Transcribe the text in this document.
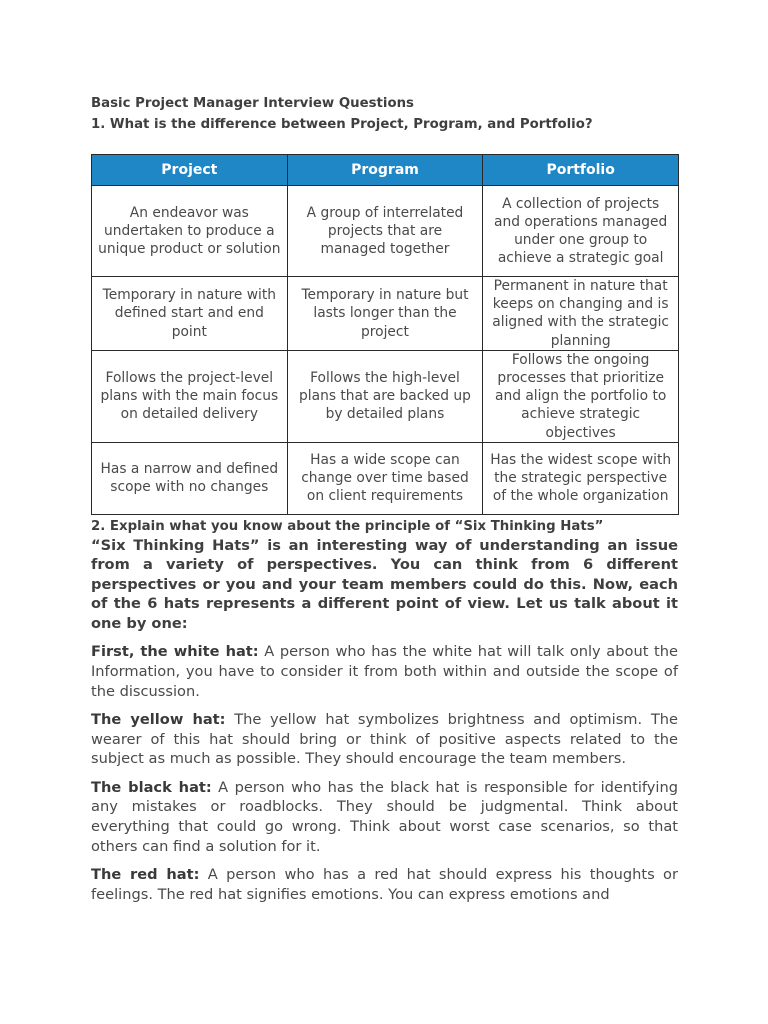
Basic Project Manager Interview Questions

1. What is the difference between Project, Program, and Portfolio?

Project	Program	Portfolio
An endeavor was undertaken to produce a unique product or solution	A group of interrelated projects that are managed together	A collection of projects and operations managed under one group to achieve a strategic goal
Temporary in nature with defined start and end point	Temporary in nature but lasts longer than the project	Permanent in nature that keeps on changing and is aligned with the strategic planning
Follows the project-level plans with the main focus on detailed delivery	Follows the high-level plans that are backed up by detailed plans	Follows the ongoing processes that prioritize and align the portfolio to achieve strategic objectives
Has a narrow and defined scope with no changes	Has a wide scope can change over time based on client requirements	Has the widest scope with the strategic perspective of the whole organization

2. Explain what you know about the principle of “Six Thinking Hats”

“Six Thinking Hats” is an interesting way of understanding an issue from a variety of perspectives. You can think from 6 different perspectives or you and your team members could do this. Now, each of the 6 hats represents a different point of view. Let us talk about it one by one:

First, the white hat: A person who has the white hat will talk only about the Information, you have to consider it from both within and outside the scope of the discussion.

The yellow hat: The yellow hat symbolizes brightness and optimism. The wearer of this hat should bring or think of positive aspects related to the subject as much as possible. They should encourage the team members.

The black hat: A person who has the black hat is responsible for identifying any mistakes or roadblocks. They should be judgmental. Think about everything that could go wrong. Think about worst case scenarios, so that others can find a solution for it.

The red hat: A person who has a red hat should express his thoughts or feelings. The red hat signifies emotions. You can express emotions and
